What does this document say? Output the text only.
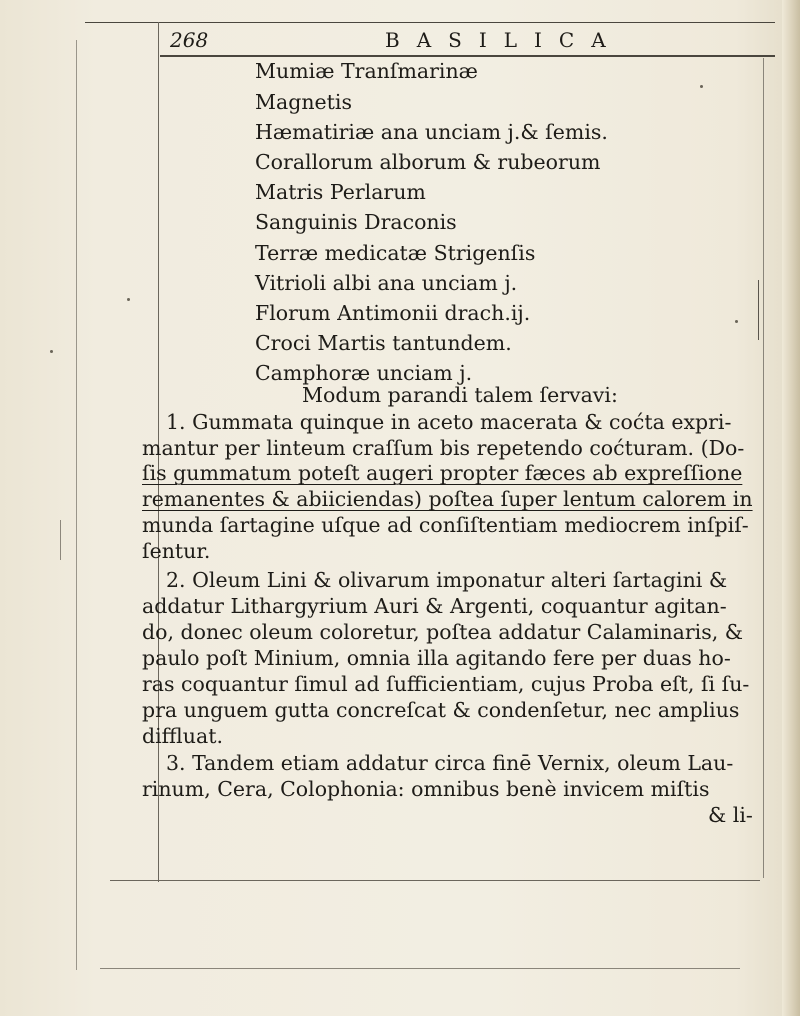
268	BASILICA
Mumiæ Tranſmarinæ
Magnetis
Hæmatiriæ ana unciam j.& ſemis.
Corallorum alborum & rubeorum
Matris Perlarum
Sanguinis Draconis
Terræ medicatæ Strigenſis
Vitrioli albi ana unciam j.
Florum Antimonii drach.ij.
Croci Martis tantundem.
Camphoræ unciam j.
Modum parandi talem ſervavi:
1. Gummata quinque in aceto macerata & coćta expri-
mantur per linteum craſſum bis repetendo coćturam. (Do-
ſis gummatum poteſt augeri propter fæces ab expreſſione
remanentes & abiiciendas) poſtea ſuper lentum calorem in
munda ſartagine uſque ad conſiſtentiam mediocrem inſpiſ-
ſentur.
2. Oleum Lini & olivarum imponatur alteri ſartagini &
addatur Lithargyrium Auri & Argenti, coquantur agitan-
do, donec oleum coloretur, poſtea addatur Calaminaris, &
paulo poſt Minium, omnia illa agitando fere per duas ho-
ras coquantur ſimul ad ſufficientiam, cujus Proba eſt, ſi ſu-
pra unguem gutta concreſcat & condenſetur, nec amplius
diffluat.
3. Tandem etiam addatur circa finē Vernix, oleum Lau-
rinum, Cera, Colophonia: omnibus benè invicem miſtis
& li-
